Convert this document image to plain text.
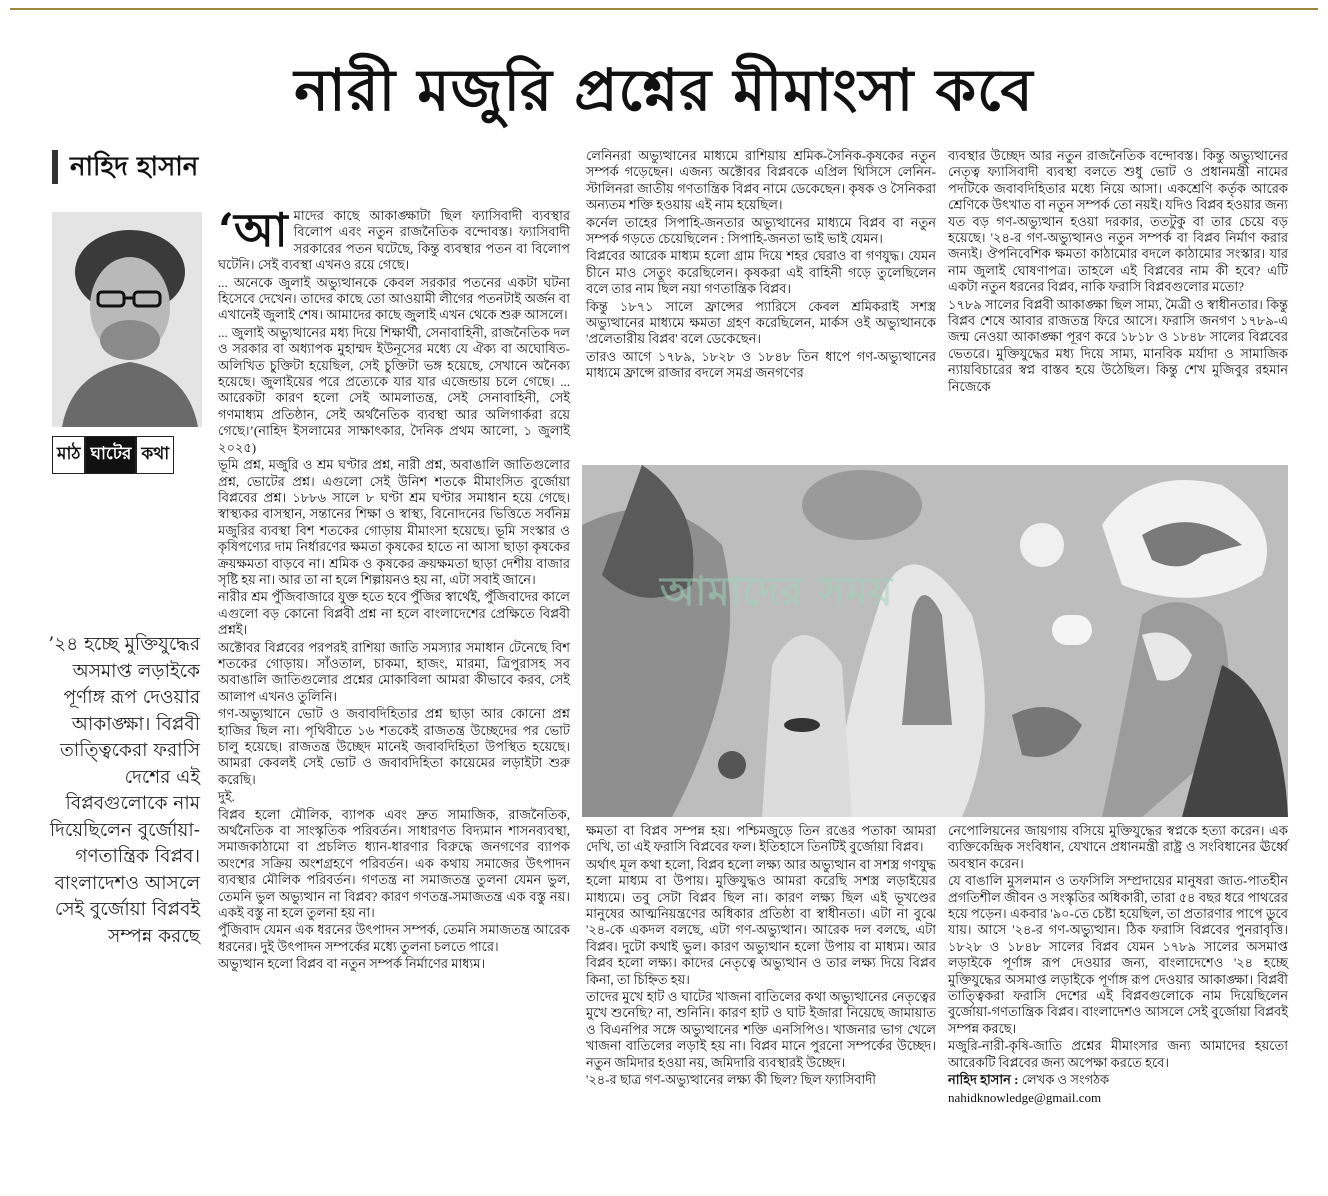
নারী মজুরি প্রশ্নের মীমাংসা কবে
নাহিদ হাসান
মাঠ ঘাটের কথা
’২৪ হচ্ছে মুক্তিযুদ্ধের অসমাপ্ত লড়াইকে পূর্ণাঙ্গ রূপ দেওয়ার আকাঙ্ক্ষা। বিপ্লবী তাত্ত্বিকেরা ফরাসি দেশের এই বিপ্লবগুলোকে নাম দিয়েছিলেন বুর্জোয়া-গণতান্ত্রিক বিপ্লব। বাংলাদেশও আসলে সেই বুর্জোয়া বিপ্লবই সম্পন্ন করছে
‘আ মাদের কাছে আকাঙ্ক্ষাটা ছিল ফ্যাসিবাদী ব্যবস্থার বিলোপ এবং নতুন রাজনৈতিক বন্দোবস্ত। ফ্যাসিবাদী সরকারের পতন ঘটেছে, কিন্তু ব্যবস্থার পতন বা বিলোপ ঘটেনি। সেই ব্যবস্থা এখনও রয়ে গেছে।

... অনেকে জুলাই অভ্যুত্থানকে কেবল সরকার পতনের একটা ঘটনা হিসেবে দেখেন। তাদের কাছে তো আওয়ামী লীগের পতনটাই অর্জন বা এখানেই জুলাই শেষ। আমাদের কাছে জুলাই এখন থেকে শুরু আসলে।

... জুলাই অভ্যুত্থানের মধ্য দিয়ে শিক্ষার্থী, সেনাবাহিনী, রাজনৈতিক দল ও সরকার বা অধ্যাপক মুহাম্মদ ইউনূসের মধ্যে যে ঐক্য বা অঘোষিত-অলিখিত চুক্তিটা হয়েছিল, সেই চুক্তিটা ভঙ্গ হয়েছে, সেখানে অনৈক্য হয়েছে। জুলাইয়ের পরে প্রত্যেকে যার যার এজেন্ডায় চলে গেছে। ... আরেকটা কারণ হলো সেই আমলাতন্ত্র, সেই সেনাবাহিনী, সেই গণমাধ্যম প্রতিষ্ঠান, সেই অর্থনৈতিক ব্যবস্থা আর অলিগার্করা রয়ে গেছে।’(নাহিদ ইসলামের সাক্ষাৎকার, দৈনিক প্রথম আলো, ১ জুলাই ২০২৫)

ভূমি প্রশ্ন, মজুরি ও শ্রম ঘণ্টার প্রশ্ন, নারী প্রশ্ন, অবাঙালি জাতিগুলোর প্রশ্ন, ভোটের প্রশ্ন। এগুলো সেই উনিশ শতকে মীমাংসিত বুর্জোয়া বিপ্লবের প্রশ্ন। ১৮৮৬ সালে ৮ ঘণ্টা শ্রম ঘণ্টার সমাধান হয়ে গেছে। স্বাস্থ্যকর বাসস্থান, সন্তানের শিক্ষা ও স্বাস্থ্য, বিনোদনের ভিত্তিতে সর্বনিম্ন মজুরির ব্যবস্থা বিশ শতকের গোড়ায় মীমাংসা হয়েছে। ভূমি সংস্কার ও কৃষিপণ্যের দাম নির্ধারণের ক্ষমতা কৃষকের হাতে না আসা ছাড়া কৃষকের ক্রয়ক্ষমতা বাড়বে না। শ্রমিক ও কৃষকের ক্রয়ক্ষমতা ছাড়া দেশীয় বাজার সৃষ্টি হয় না। আর তা না হলে শিল্পায়নও হয় না, এটা সবাই জানে।

নারীর শ্রম পুঁজিবাজারে যুক্ত হতে হবে পুঁজির স্বার্থেই, পুঁজিবাদের কালে এগুলো বড় কোনো বিপ্লবী প্রশ্ন না হলে বাংলাদেশের প্রেক্ষিতে বিপ্লবী প্রশ্নই।

অক্টোবর বিপ্লবের পরপরই রাশিয়া জাতি সমস্যার সমাধান টেনেছে বিশ শতকের গোড়ায়। সাঁওতাল, চাকমা, হাজং, মারমা, ত্রিপুরাসহ সব অবাঙালি জাতিগুলোর প্রশ্নের মোকাবিলা আমরা কীভাবে করব, সেই আলাপ এখনও তুলিনি।

গণ-অভ্যুত্থানে ভোট ও জবাবদিহিতার প্রশ্ন ছাড়া আর কোনো প্রশ্ন হাজির ছিল না। পৃথিবীতে ১৬ শতকেই রাজতন্ত্র উচ্ছেদের পর ভোট চালু হয়েছে। রাজতন্ত্র উচ্ছেদ মানেই জবাবদিহিতা উপস্থিত হয়েছে। আমরা কেবলই সেই ভোট ও জবাবদিহিতা কায়েমের লড়াইটা শুরু করেছি।

দুই.

বিপ্লব হলো মৌলিক, ব্যাপক এবং দ্রুত সামাজিক, রাজনৈতিক, অর্থনৈতিক বা সাংস্কৃতিক পরিবর্তন। সাধারণত বিদ্যমান শাসনব্যবস্থা, সমাজকাঠামো বা প্রচলিত ধ্যান-ধারণার বিরুদ্ধে জনগণের ব্যাপক অংশের সক্রিয় অংশগ্রহণে পরিবর্তন। এক কথায় সমাজের উৎপাদন ব্যবস্থার মৌলিক পরিবর্তন। গণতন্ত্র না সমাজতন্ত্র তুলনা যেমন ভুল, তেমনি ভুল অভ্যুত্থান না বিপ্লব? কারণ গণতন্ত্র-সমাজতন্ত্র এক বস্তু নয়। একই বস্তু না হলে তুলনা হয় না।

পুঁজিবাদ যেমন এক ধরনের উৎপাদন সম্পর্ক, তেমনি সমাজতন্ত্র আরেক ধরনের। দুই উৎপাদন সম্পর্কের মধ্যে তুলনা চলতে পারে।

অভ্যুত্থান হলো বিপ্লব বা নতুন সম্পর্ক নির্মাণের মাধ্যম।

লেনিনরা অভ্যুত্থানের মাধ্যমে রাশিয়ায় শ্রমিক-সৈনিক-কৃষকের নতুন সম্পর্ক গড়েছেন। এজন্য অক্টোবর বিপ্লবকে এপ্রিল থিসিসে লেনিন-স্টালিনরা জাতীয় গণতান্ত্রিক বিপ্লব নামে ডেকেছেন। কৃষক ও সৈনিকরা অন্যতম শক্তি হওয়ায় এই নাম হয়েছিল।

কর্নেল তাহের সিপাহি-জনতার অভ্যুত্থানের মাধ্যমে বিপ্লব বা নতুন সম্পর্ক গড়তে চেয়েছিলেন : সিপাহি-জনতা ভাই ভাই যেমন।

বিপ্লবের আরেক মাধ্যম হলো গ্রাম দিয়ে শহর ঘেরাও বা গণযুদ্ধ। যেমন চীনে মাও সেতুং করেছিলেন। কৃষকরা এই বাহিনী গড়ে তুলেছিলেন বলে তার নাম ছিল নয়া গণতান্ত্রিক বিপ্লব।

কিন্তু ১৮৭১ সালে ফ্রান্সের প্যারিসে কেবল শ্রমিকরাই সশস্ত্র অভ্যুত্থানের মাধ্যমে ক্ষমতা গ্রহণ করেছিলেন, মার্কস ওই অভ্যুত্থানকে 'প্রলেতারীয় বিপ্লব' বলে ডেকেছেন।

তারও আগে ১৭৮৯, ১৮২৮ ও ১৮৪৮ তিন ধাপে গণ-অভ্যুত্থানের মাধ্যমে ফ্রান্সে রাজার বদলে সমগ্র জনগণের

ব্যবস্থার উচ্ছেদ আর নতুন রাজনৈতিক বন্দোবস্ত। কিন্তু অভ্যুত্থানের নেতৃত্ব ফ্যাসিবাদী ব্যবস্থা বলতে শুধু ভোট ও প্রধানমন্ত্রী নামের পদটিকে জবাবদিহিতার মধ্যে নিয়ে আসা। একশ্রেণি কর্তৃক আরেক শ্রেণিকে উৎখাত বা নতুন সম্পর্ক তো নয়ই। যদিও বিপ্লব হওয়ার জন্য যত বড় গণ-অভ্যুত্থান হওয়া দরকার, ততটুকু বা তার চেয়ে বড় হয়েছে। '২৪-র গণ-অভ্যুত্থানও নতুন সম্পর্ক বা বিপ্লব নির্মাণ করার জন্যই। ঔপনিবেশিক ক্ষমতা কাঠামোর বদলে কাঠামোর সংস্কার। যার নাম জুলাই ঘোষণাপত্র। তাহলে এই বিপ্লবের নাম কী হবে? এটি একটা নতুন ধরনের বিপ্লব, নাকি ফরাসি বিপ্লবগুলোর মতো?

১৭৮৯ সালের বিপ্লবী আকাঙ্ক্ষা ছিল সাম্য, মৈত্রী ও স্বাধীনতার। কিন্তু বিপ্লব শেষে আবার রাজতন্ত্র ফিরে আসে। ফরাসি জনগণ ১৭৮৯-এ জন্ম নেওয়া আকাঙ্ক্ষা পূরণ করে ১৮১৮ ও ১৮৪৮ সালের বিপ্লবের ভেতরে। মুক্তিযুদ্ধের মধ্য দিয়ে সাম্য, মানবিক মর্যাদা ও সামাজিক ন্যায়বিচারের স্বপ্ন বাস্তব হয়ে উঠেছিল। কিন্তু শেখ মুজিবুর রহমান নিজেকে

আমাদের সময়

ক্ষমতা বা বিপ্লব সম্পন্ন হয়। পশ্চিমজুড়ে তিন রঙের পতাকা আমরা দেখি, তা এই ফরাসি বিপ্লবের ফল। ইতিহাসে তিনটিই বুর্জোয়া বিপ্লব।

অর্থাৎ মূল কথা হলো, বিপ্লব হলো লক্ষ্য আর অভ্যুত্থান বা সশস্ত্র গণযুদ্ধ হলো মাধ্যম বা উপায়। মুক্তিযুদ্ধও আমরা করেছি সশস্ত্র লড়াইয়ের মাধ্যমে। তবু সেটা বিপ্লব ছিল না। কারণ লক্ষ্য ছিল এই ভূখণ্ডের মানুষের আত্মনিয়ন্ত্রণের অধিকার প্রতিষ্ঠা বা স্বাধীনতা। এটা না বুঝে '২৪-কে একদল বলছে, এটা গণ-অভ্যুত্থান। আরেক দল বলছে, এটা বিপ্লব। দুটো কথাই ভুল। কারণ অভ্যুত্থান হলো উপায় বা মাধ্যম। আর বিপ্লব হলো লক্ষ্য। কাদের নেতৃত্বে অভ্যুত্থান ও তার লক্ষ্য দিয়ে বিপ্লব কিনা, তা চিহ্নিত হয়।

তাদের মুখে হাট ও ঘাটের খাজনা বাতিলের কথা অভ্যুত্থানের নেতৃত্বের মুখে শুনেছি? না, শুনিনি। কারণ হাট ও ঘাট ইজারা নিয়েছে জামায়াত ও বিএনপির সঙ্গে অভ্যুত্থানের শক্তি এনসিপিও। খাজনার ভাগ খেলে খাজনা বাতিলের লড়াই হয় না। বিপ্লব মানে পুরনো সম্পর্কের উচ্ছেদ। নতুন জমিদার হওয়া নয়, জমিদারি ব্যবস্থারই উচ্ছেদ।

'২৪-র ছাত্র গণ-অভ্যুত্থানের লক্ষ্য কী ছিল? ছিল ফ্যাসিবাদী

নেপোলিয়নের জায়গায় বসিয়ে মুক্তিযুদ্ধের স্বপ্নকে হত্যা করেন। এক ব্যক্তিকেন্দ্রিক সংবিধান, যেখানে প্রধানমন্ত্রী রাষ্ট্র ও সংবিধানের ঊর্ধ্বে অবস্থান করেন।

যে বাঙালি মুসলমান ও তফসিলি সম্প্রদায়ের মানুষরা জাত-পাতহীন প্রগতিশীল জীবন ও সংস্কৃতির অধিকারী, তারা ৫৪ বছর ধরে পাথরের হয়ে পড়েন। একবার '৯০-তে চেষ্টা হয়েছিল, তা প্রতারণার পাপে ডুবে যায়। আসে '২৪-র গণ-অভ্যুত্থান। ঠিক ফরাসি বিপ্লবের পুনরাবৃত্তি। ১৮২৮ ও ১৮৪৮ সালের বিপ্লব যেমন ১৭৮৯ সালের অসমাপ্ত লড়াইকে পূর্ণাঙ্গ রূপ দেওয়ার জন্য, বাংলাদেশেও '২৪ হচ্ছে মুক্তিযুদ্ধের অসমাপ্ত লড়াইকে পূর্ণাঙ্গ রূপ দেওয়ার আকাঙ্ক্ষা। বিপ্লবী তাত্ত্বিকরা ফরাসি দেশের এই বিপ্লবগুলোকে নাম দিয়েছিলেন বুর্জোয়া-গণতান্ত্রিক বিপ্লব। বাংলাদেশও আসলে সেই বুর্জোয়া বিপ্লবই সম্পন্ন করছে।

মজুরি-নারী-কৃষি-জাতি প্রশ্নের মীমাংসার জন্য আমাদের হয়তো আরেকটি বিপ্লবের জন্য অপেক্ষা করতে হবে।

নাহিদ হাসান : লেখক ও সংগঠক

nahidknowledge@gmail.com
